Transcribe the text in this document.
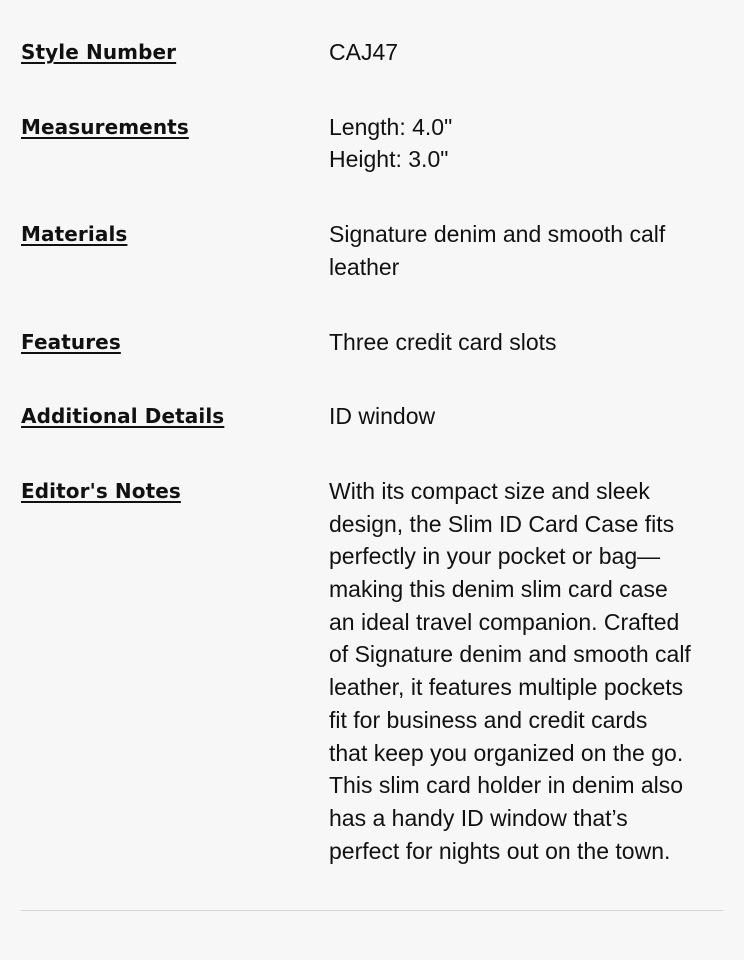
Style Number	CAJ47
Measurements	Length: 4.0"
Height: 3.0"
Materials	Signature denim and smooth calf
leather
Features	Three credit card slots
Additional Details	ID window
Editor's Notes	With its compact size and sleek
design, the Slim ID Card Case fits
perfectly in your pocket or bag—
making this denim slim card case
an ideal travel companion. Crafted
of Signature denim and smooth calf
leather, it features multiple pockets
fit for business and credit cards
that keep you organized on the go.
This slim card holder in denim also
has a handy ID window that’s
perfect for nights out on the town.
